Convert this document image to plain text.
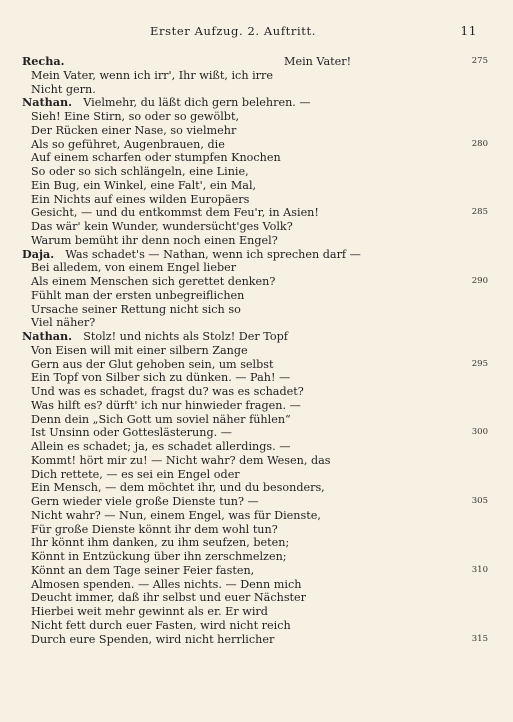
Erster Aufzug. 2. Auftritt.	11
Recha. 	Mein Vater!	275
Mein Vater, wenn ich irr', Ihr wißt, ich irre
Nicht gern.
Nathan.  Vielmehr, du läßt dich gern belehren. —
Sieh! Eine Stirn, so oder so gewölbt,
Der Rücken einer Nase, so vielmehr
Als so geführet, Augenbrauen, die	280
Auf einem scharfen oder stumpfen Knochen
So oder so sich schlängeln, eine Linie,
Ein Bug, ein Winkel, eine Falt', ein Mal,
Ein Nichts auf eines wilden Europäers
Gesicht, — und du entkommst dem Feu'r, in Asien!	285
Das wär' kein Wunder, wundersücht'ges Volk?
Warum bemüht ihr denn noch einen Engel?
Daja.  Was schadet's — Nathan, wenn ich sprechen darf —
Bei alledem, von einem Engel lieber
Als einem Menschen sich gerettet denken?	290
Fühlt man der ersten unbegreiflichen
Ursache seiner Rettung nicht sich so
Viel näher?
Nathan.  Stolz! und nichts als Stolz! Der Topf
Von Eisen will mit einer silbern Zange
Gern aus der Glut gehoben sein, um selbst	295
Ein Topf von Silber sich zu dünken. — Pah! —
Und was es schadet, fragst du? was es schadet?
Was hilft es? dürft' ich nur hinwieder fragen. —
Denn dein „Sich Gott um soviel näher fühlen“
Ist Unsinn oder Gotteslästerung. —	300
Allein es schadet; ja, es schadet allerdings. —
Kommt! hört mir zu! — Nicht wahr? dem Wesen, das
Dich rettete, — es sei ein Engel oder
Ein Mensch, — dem möchtet ihr, und du besonders,
Gern wieder viele große Dienste tun? —	305
Nicht wahr? — Nun, einem Engel, was für Dienste,
Für große Dienste könnt ihr dem wohl tun?
Ihr könnt ihm danken, zu ihm seufzen, beten;
Könnt in Entzückung über ihn zerschmelzen;
Könnt an dem Tage seiner Feier fasten,	310
Almosen spenden. — Alles nichts. — Denn mich
Deucht immer, daß ihr selbst und euer Nächster
Hierbei weit mehr gewinnt als er. Er wird
Nicht fett durch euer Fasten, wird nicht reich
Durch eure Spenden, wird nicht herrlicher	315
